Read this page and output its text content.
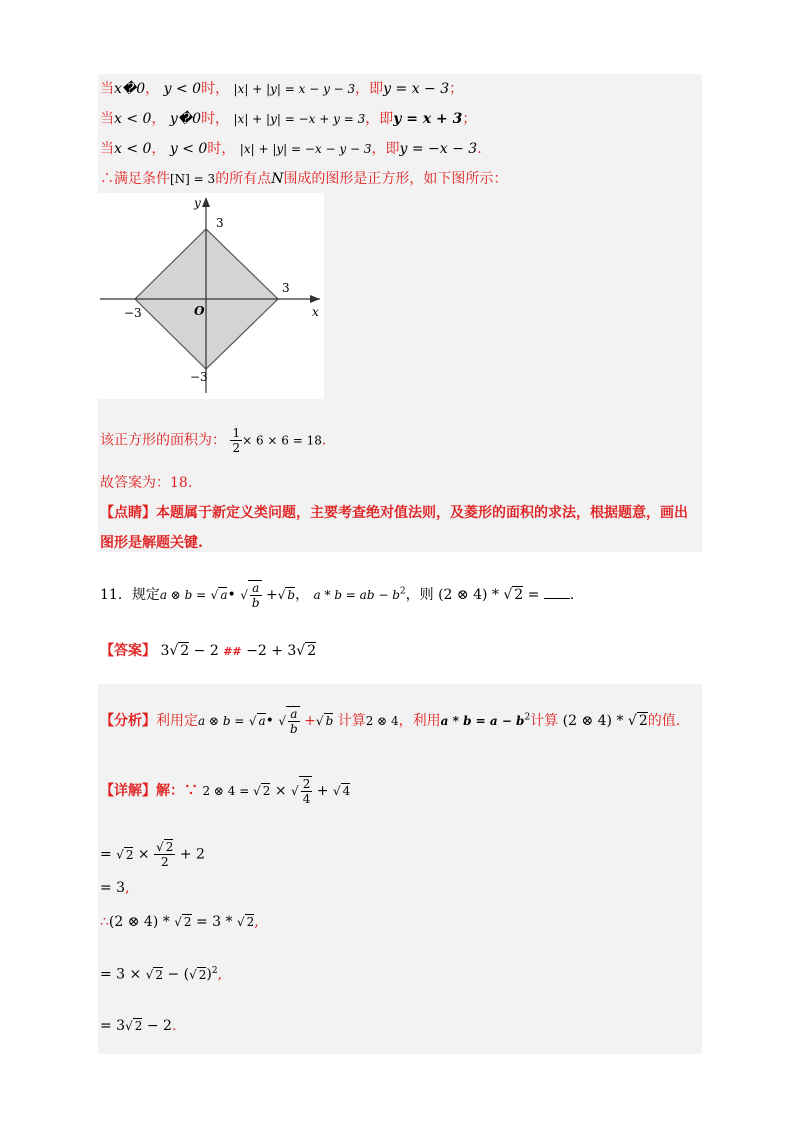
当x�0， y < 0时， |x| + |y| = x − y − 3，即y = x − 3；
当x < 0， y�0时， |x| + |y| = −x + y = 3，即y = x + 3；
当x < 0， y < 0时， |x| + |y| = −x − y − 3，即y = −x − 3.
∴满足条件[N] = 3的所有点N围成的图形是正方形，如下图所示：
x
y
O
3
−3
3
−3
该正方形的面积为： $\frac{1}{2} \times 6 \times 6 = 18$.
故答案为：18.
【点睛】本题属于新定义类问题，主要考查绝对值法则，及菱形的面积的求法，根据题意，画出
图形是解题关键.
11．规定a ⊗ b = √ a• √ $\frac{a}{b}$ +√ b， a * b = ab − $b^2$，则 (2 ⊗ 4) * √ 2 = .
【答案】 3√ 2 − 2 ## −2 + 3√ 2
【分析】利用定a ⊗ b = √ a• √ $\frac{a}{b}$ +√ b 计算2 ⊗ 4，利用$a * b = a - b^2$计算 (2 ⊗ 4) * √ 2的值.
【详解】解：∵ 2 ⊗ 4 = √ 2 × √ $\frac{2}{4}$ + √ 4
= √ $2 \times \frac{√ 2}{2} + 2$
= 3,
∴(2 ⊗ 4) * √ 2 = 3 * √ 2,
= 3 × √ 2 − (√ 2)$^2$,
= 3√ 2 − 2.
